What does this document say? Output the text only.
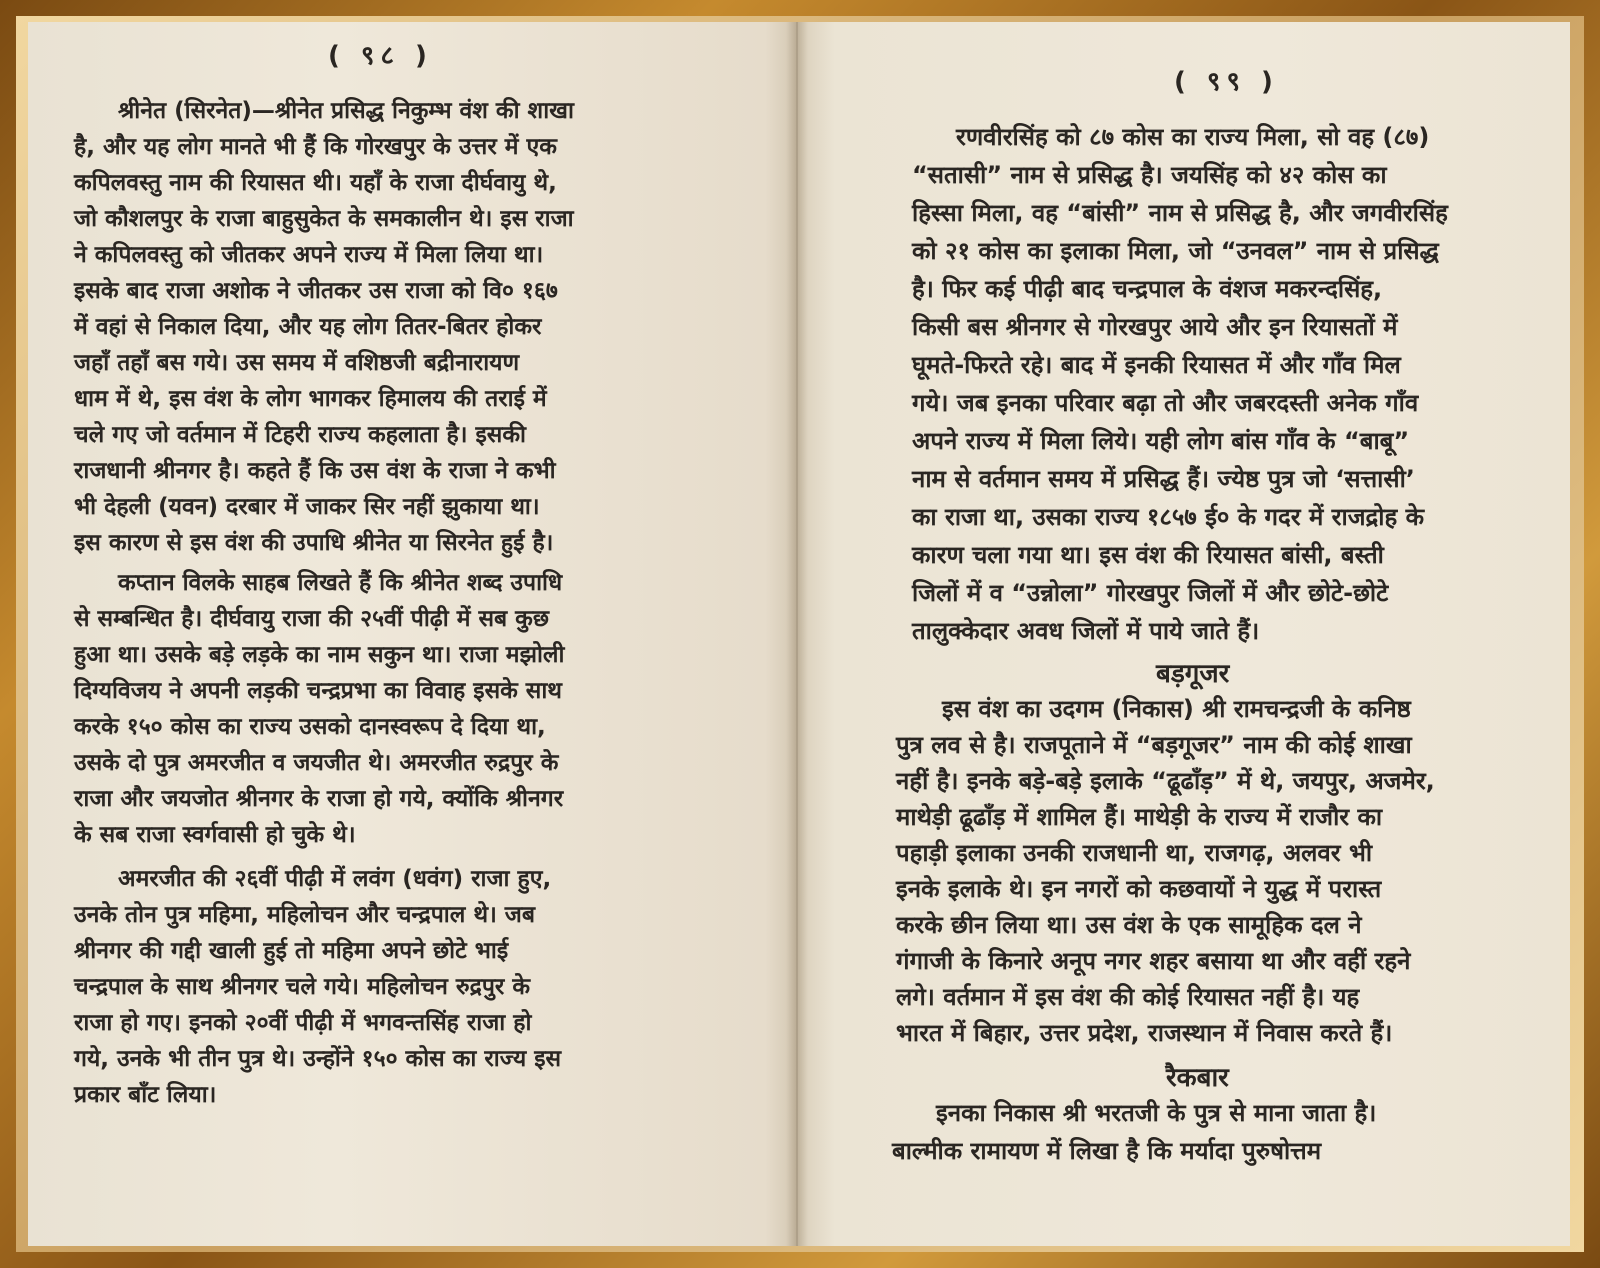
( ९८ )
श्रीनेत (सिरनेत)—श्रीनेत प्रसिद्ध निकुम्भ वंश की शाखा
है, और यह लोग मानते भी हैं कि गोरखपुर के उत्तर में एक
कपिलवस्तु नाम की रियासत थी। यहाँ के राजा दीर्घवायु थे,
जो कौशलपुर के राजा बाहुसुकेत के समकालीन थे। इस राजा
ने कपिलवस्तु को जीतकर अपने राज्य में मिला लिया था।
इसके बाद राजा अशोक ने जीतकर उस राजा को वि० १६७
में वहां से निकाल दिया, और यह लोग तितर-बितर होकर
जहाँ तहाँ बस गये। उस समय में वशिष्ठजी बद्रीनारायण
धाम में थे, इस वंश के लोग भागकर हिमालय की तराई में
चले गए जो वर्तमान में टिहरी राज्य कहलाता है। इसकी
राजधानी श्रीनगर है। कहते हैं कि उस वंश के राजा ने कभी
भी देहली (यवन) दरबार में जाकर सिर नहीं झुकाया था।
इस कारण से इस वंश की उपाधि श्रीनेत या सिरनेत हुई है।
कप्तान विलके साहब लिखते हैं कि श्रीनेत शब्द उपाधि
से सम्बन्धित है। दीर्घवायु राजा की २५वीं पीढ़ी में सब कुछ
हुआ था। उसके बड़े लड़के का नाम सकुन था। राजा मझोली
दिग्यविजय ने अपनी लड़की चन्द्रप्रभा का विवाह इसके साथ
करके १५० कोस का राज्य उसको दानस्वरूप दे दिया था,
उसके दो पुत्र अमरजीत व जयजीत थे। अमरजीत रुद्रपुर के
राजा और जयजोत श्रीनगर के राजा हो गये, क्योंकि श्रीनगर
के सब राजा स्वर्गवासी हो चुके थे।
अमरजीत की २६वीं पीढ़ी में लवंग (धवंग) राजा हुए,
उनके तोन पुत्र महिमा, महिलोचन और चन्द्रपाल थे। जब
श्रीनगर की गद्दी खाली हुई तो महिमा अपने छोटे भाई
चन्द्रपाल के साथ श्रीनगर चले गये। महिलोचन रुद्रपुर के
राजा हो गए। इनको २०वीं पीढ़ी में भगवन्तसिंह राजा हो
गये, उनके भी तीन पुत्र थे। उन्होंने १५० कोस का राज्य इस
प्रकार बाँट लिया।
( ९९ )
रणवीरसिंह को ८७ कोस का राज्य मिला, सो वह (८७)
“सतासी” नाम से प्रसिद्ध है। जयसिंह को ४२ कोस का
हिस्सा मिला, वह “बांसी” नाम से प्रसिद्ध है, और जगवीरसिंह
को २१ कोस का इलाका मिला, जो “उनवल” नाम से प्रसिद्ध
है। फिर कई पीढ़ी बाद चन्द्रपाल के वंशज मकरन्दसिंह,
किसी बस श्रीनगर से गोरखपुर आये और इन रियासतों में
घूमते-फिरते रहे। बाद में इनकी रियासत में और गाँव मिल
गये। जब इनका परिवार बढ़ा तो और जबरदस्ती अनेक गाँव
अपने राज्य में मिला लिये। यही लोग बांस गाँव के “बाबू”
नाम से वर्तमान समय में प्रसिद्ध हैं। ज्येष्ठ पुत्र जो ‘सत्तासी’
का राजा था, उसका राज्य १८५७ ई० के गदर में राजद्रोह के
कारण चला गया था। इस वंश की रियासत बांसी, बस्ती
जिलों में व “उन्नोला” गोरखपुर जिलों में और छोटे-छोटे
तालुक्केदार अवध जिलों में पाये जाते हैं।
बड़गूजर
इस वंश का उदगम (निकास) श्री रामचन्द्रजी के कनिष्ठ
पुत्र लव से है। राजपूताने में “बड़गूजर” नाम की कोई शाखा
नहीं है। इनके बड़े-बड़े इलाके “ढूढाँड़” में थे, जयपुर, अजमेर,
माथेड़ी ढूढाँड़ में शामिल हैं। माथेड़ी के राज्य में राजौर का
पहाड़ी इलाका उनकी राजधानी था, राजगढ़, अलवर भी
इनके इलाके थे। इन नगरों को कछवायों ने युद्ध में परास्त
करके छीन लिया था। उस वंश के एक सामूहिक दल ने
गंगाजी के किनारे अनूप नगर शहर बसाया था और वहीं रहने
लगे। वर्तमान में इस वंश की कोई रियासत नहीं है। यह
भारत में बिहार, उत्तर प्रदेश, राजस्थान में निवास करते हैं।
रैकबार
इनका निकास श्री भरतजी के पुत्र से माना जाता है।
बाल्मीक रामायण में लिखा है कि मर्यादा पुरुषोत्तम
